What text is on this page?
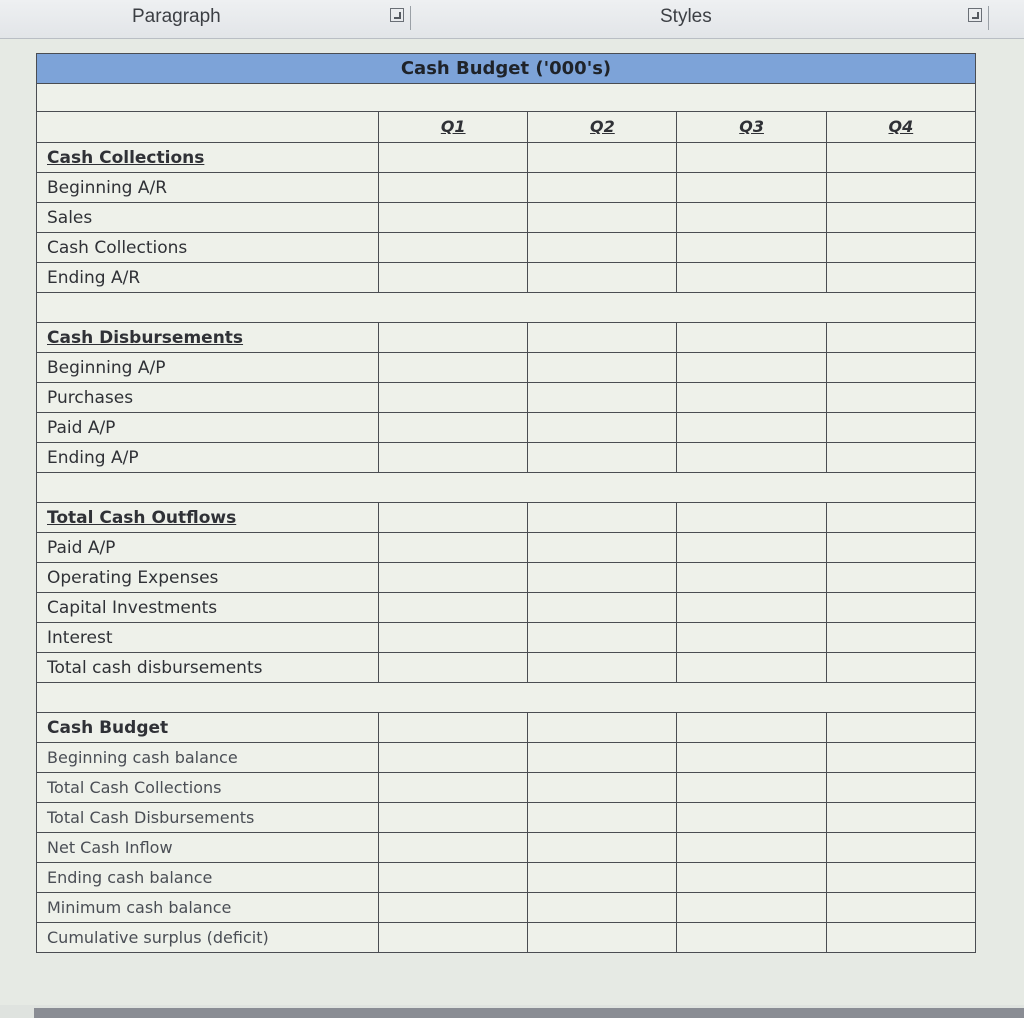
Paragraph	Styles
Cash Budget ('000's)				

	Q1	Q2	Q3	Q4
Cash Collections				
Beginning A/R				
Sales				
Cash Collections				
Ending A/R				

Cash Disbursements				
Beginning A/P				
Purchases				
Paid A/P				
Ending A/P				

Total Cash Outflows				
Paid A/P				
Operating Expenses				
Capital Investments				
Interest				
Total cash disbursements				

Cash Budget				
Beginning cash balance				
Total Cash Collections				
Total Cash Disbursements				
Net Cash Inflow				
Ending cash balance				
Minimum cash balance				
Cumulative surplus (deficit)				
